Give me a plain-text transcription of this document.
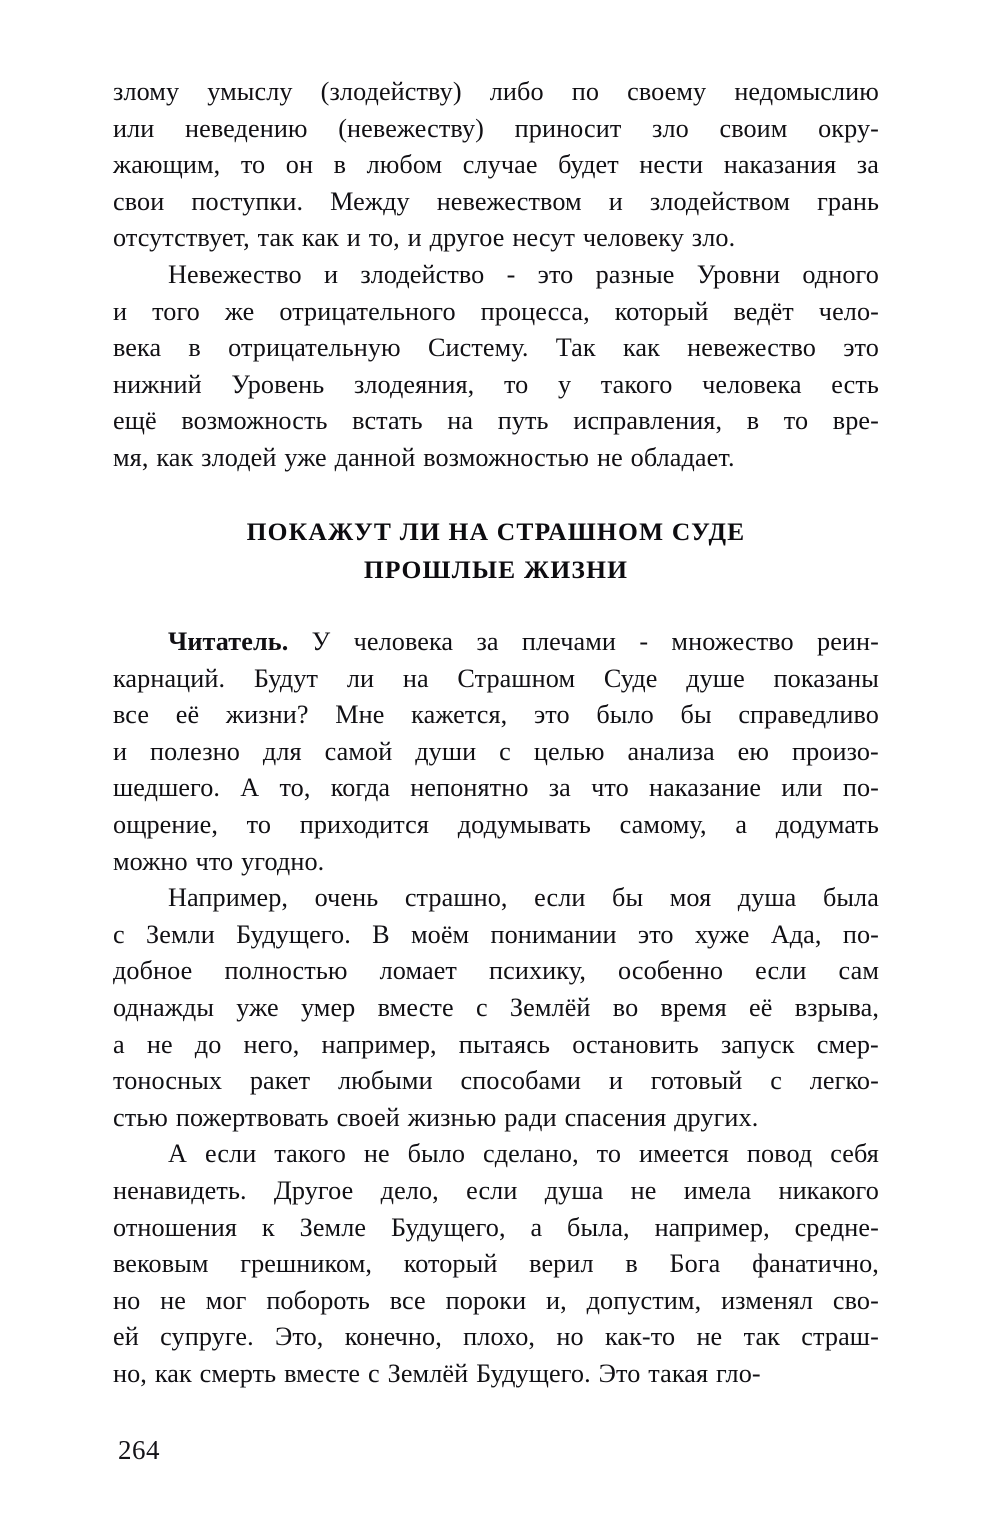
злому умыслу (злодейству) либо по своему недомыслию
или неведению (невежеству) приносит зло своим окру-
жающим, то он в любом случае будет нести наказания за
свои поступки. Между невежеством и злодейством грань
отсутствует, так как и то, и другое несут человеку зло.
Невежество и злодейство - это разные Уровни одного
и того же отрицательного процесса, который ведёт чело-
века в отрицательную Систему. Так как невежество это
нижний Уровень злодеяния, то у такого человека есть
ещё возможность встать на путь исправления, в то вре-
мя, как злодей уже данной возможностью не обладает.
ПОКАЖУТ ЛИ НА СТРАШНОМ СУДЕ
ПРОШЛЫЕ ЖИЗНИ
Читатель. У человека за плечами - множество реин-
карнаций. Будут ли на Страшном Суде душе показаны
все её жизни? Мне кажется, это было бы справедливо
и полезно для самой души с целью анализа ею произо-
шедшего. А то, когда непонятно за что наказание или по-
ощрение, то приходится додумывать самому, а додумать
можно что угодно.
Например, очень страшно, если бы моя душа была
с Земли Будущего. В моём понимании это хуже Ада, по-
добное полностью ломает психику, особенно если сам
однажды уже умер вместе с Землёй во время её взрыва,
а не до него, например, пытаясь остановить запуск смер-
тоносных ракет любыми способами и готовый с легко-
стью пожертвовать своей жизнью ради спасения других.
А если такого не было сделано, то имеется повод себя
ненавидеть. Другое дело, если душа не имела никакого
отношения к Земле Будущего, а была, например, средне-
вековым грешником, который верил в Бога фанатично,
но не мог побороть все пороки и, допустим, изменял сво-
ей супруге. Это, конечно, плохо, но как-то не так страш-
но, как смерть вместе с Землёй Будущего. Это такая гло-
264
